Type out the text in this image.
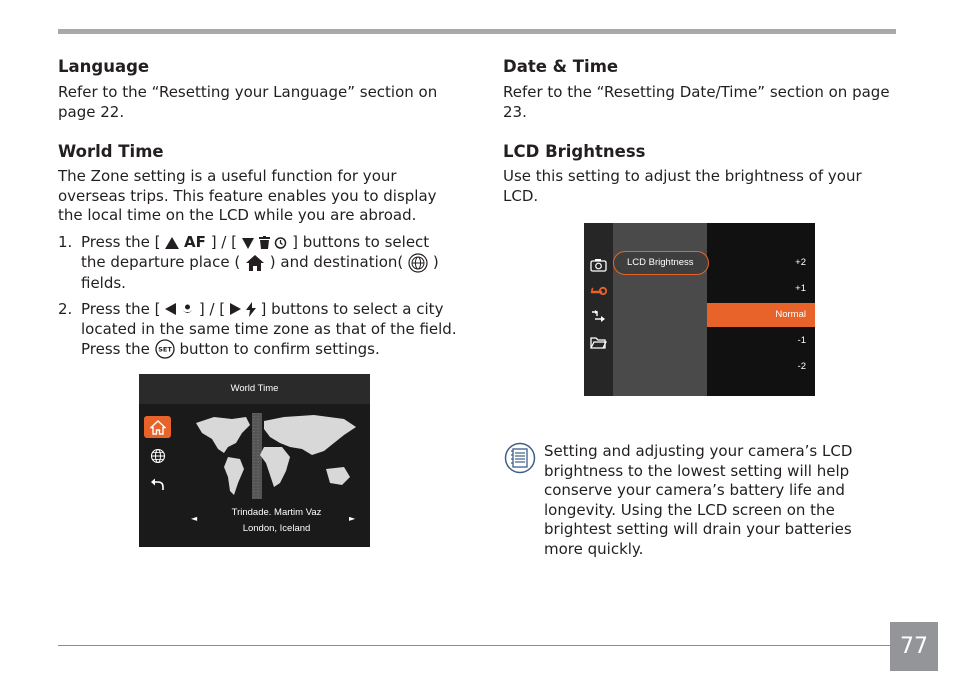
Language

Refer to the “Resetting your Language” section on page 22.

World Time

The Zone setting is a useful function for your overseas trips. This feature enables you to display the local time on the LCD while you are abroad.

1. Press the [ AF ] / [

	] buttons to select the departure place ( ) and destination( ) fields.
2. Press the [
	] / [
] buttons to select a city located in the same time zone as that of the field. Press the SET button to confirm settings.
World Time
◄	►
Trindade. Martim Vaz
London, Iceland
Date & Time

Refer to the “Resetting Date/Time” section on page 23.

LCD Brightness

Use this setting to adjust the brightness of your LCD.

LCD Brightness	+2
+1
Normal
-1
-2

Setting and adjusting your camera’s LCD brightness to the lowest setting will help conserve your camera’s battery life and longevity. Using the LCD screen on the brightest setting will drain your batteries more quickly.

77
